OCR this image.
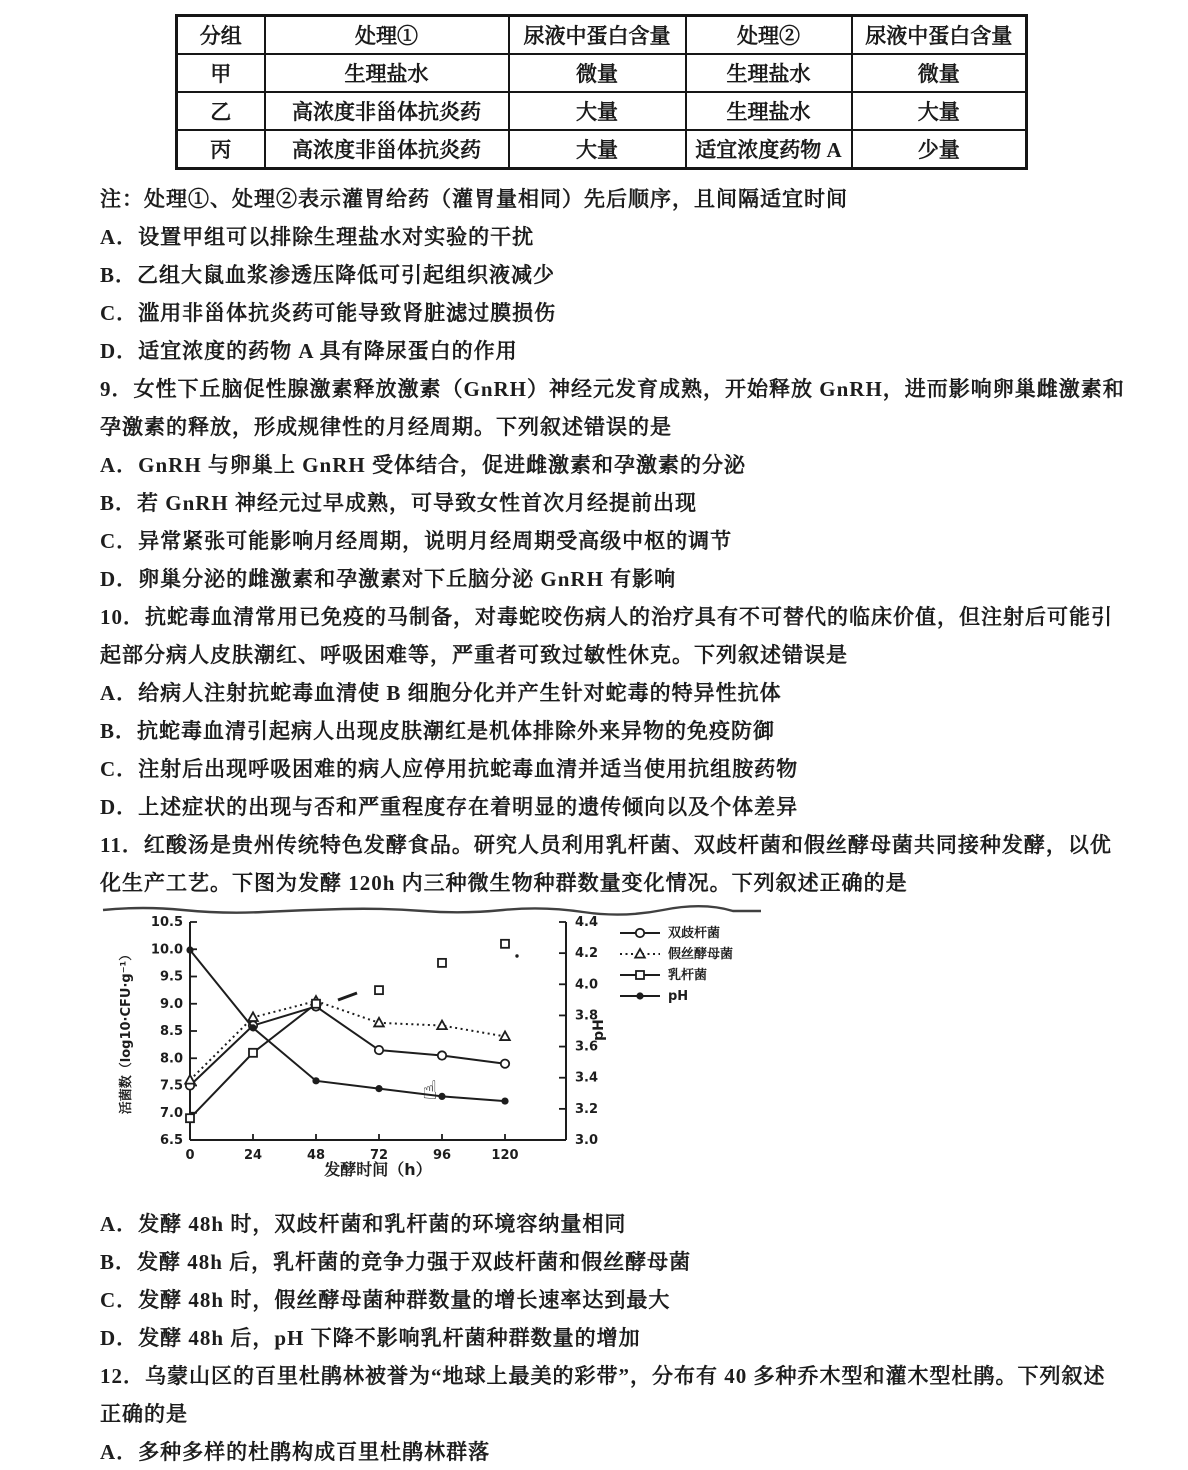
分组	处理①	尿液中蛋白含量	处理②	尿液中蛋白含量
甲	生理盐水	微量	生理盐水	微量
乙	高浓度非甾体抗炎药	大量	生理盐水	大量
丙	高浓度非甾体抗炎药	大量	适宜浓度药物 A	少量
注：处理①、处理②表示灌胃给药（灌胃量相同）先后顺序，且间隔适宜时间
A．设置甲组可以排除生理盐水对实验的干扰
B．乙组大鼠血浆渗透压降低可引起组织液减少
C．滥用非甾体抗炎药可能导致肾脏滤过膜损伤
D．适宜浓度的药物 A 具有降尿蛋白的作用
9．女性下丘脑促性腺激素释放激素（GnRH）神经元发育成熟，开始释放 GnRH，进而影响卵巢雌激素和
孕激素的释放，形成规律性的月经周期。下列叙述错误的是
A．GnRH 与卵巢上 GnRH 受体结合，促进雌激素和孕激素的分泌
B．若 GnRH 神经元过早成熟，可导致女性首次月经提前出现
C．异常紧张可能影响月经周期，说明月经周期受高级中枢的调节
D．卵巢分泌的雌激素和孕激素对下丘脑分泌 GnRH 有影响
10．抗蛇毒血清常用已免疫的马制备，对毒蛇咬伤病人的治疗具有不可替代的临床价值，但注射后可能引
起部分病人皮肤潮红、呼吸困难等，严重者可致过敏性休克。下列叙述错误是
A．给病人注射抗蛇毒血清使 B 细胞分化并产生针对蛇毒的特异性抗体
B．抗蛇毒血清引起病人出现皮肤潮红是机体排除外来异物的免疫防御
C．注射后出现呼吸困难的病人应停用抗蛇毒血清并适当使用抗组胺药物
D．上述症状的出现与否和严重程度存在着明显的遗传倾向以及个体差异
11．红酸汤是贵州传统特色发酵食品。研究人员利用乳杆菌、双歧杆菌和假丝酵母菌共同接种发酵，以优
化生产工艺。下图为发酵 120h 内三种微生物种群数量变化情况。下列叙述正确的是
10.5
10.0
9.5
9.0
8.5
8.0
7.5
7.0
6.5
4.4
4.2
4.0
3.8
3.6
3.4
3.2
3.0
0	24	48	72	96	120
活菌数（log10·CFU·g⁻¹）	pH
发酵时间（h）
双歧杆菌
假丝酵母菌
乳杆菌
pH
☝
A．发酵 48h 时，双歧杆菌和乳杆菌的环境容纳量相同
B．发酵 48h 后，乳杆菌的竞争力强于双歧杆菌和假丝酵母菌
C．发酵 48h 时，假丝酵母菌种群数量的增长速率达到最大
D．发酵 48h 后，pH 下降不影响乳杆菌种群数量的增加
12．乌蒙山区的百里杜鹃林被誉为“地球上最美的彩带”，分布有 40 多种乔木型和灌木型杜鹃。下列叙述
正确的是
A．多种多样的杜鹃构成百里杜鹃林群落
